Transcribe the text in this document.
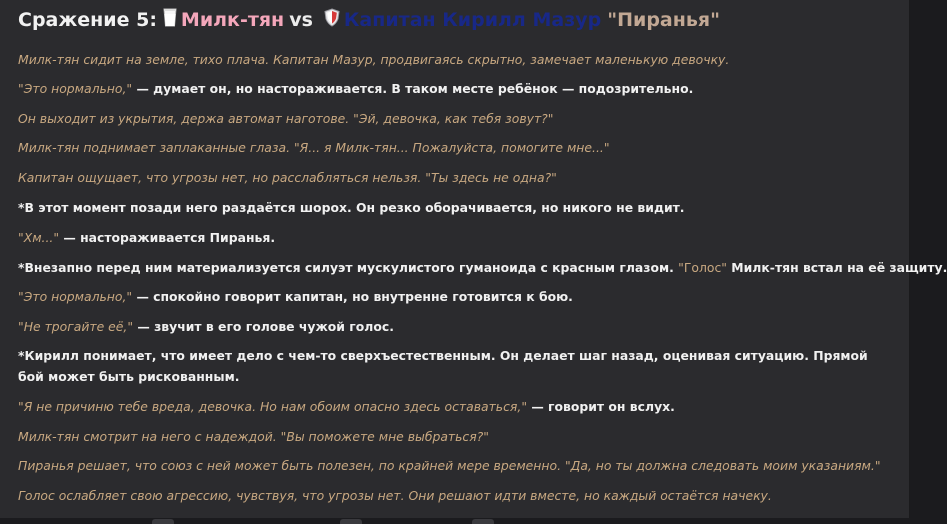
Сражение 5: Милк-тян vs Капитан Кирилл Мазур "Пиранья"
Милк-тян сидит на земле, тихо плача. Капитан Мазур, продвигаясь скрытно, замечает маленькую девочку.
"Это нормально," — думает он, но настораживается. В таком месте ребёнок — подозрительно.
Он выходит из укрытия, держа автомат наготове. "Эй, девочка, как тебя зовут?"
Милк-тян поднимает заплаканные глаза. "Я... я Милк-тян... Пожалуйста, помогите мне..."
Капитан ощущает, что угрозы нет, но расслабляться нельзя. "Ты здесь не одна?"
*В этот момент позади него раздаётся шорох. Он резко оборачивается, но никого не видит.
"Хм..." — настораживается Пиранья.
*Внезапно перед ним материализуется силуэт мускулистого гуманоида с красным глазом. "Голос" Милк-тян встал на её защиту.
"Это нормально," — спокойно говорит капитан, но внутренне готовится к бою.
"Не трогайте её," — звучит в его голове чужой голос.
*Кирилл понимает, что имеет дело с чем-то сверхъестественным. Он делает шаг назад, оценивая ситуацию. Прямой бой может быть рискованным.
"Я не причиню тебе вреда, девочка. Но нам обоим опасно здесь оставаться," — говорит он вслух.
Милк-тян смотрит на него с надеждой. "Вы поможете мне выбраться?"
Пиранья решает, что союз с ней может быть полезен, по крайней мере временно. "Да, но ты должна следовать моим указаниям."
Голос ослабляет свою агрессию, чувствуя, что угрозы нет. Они решают идти вместе, но каждый остаётся начеку.
